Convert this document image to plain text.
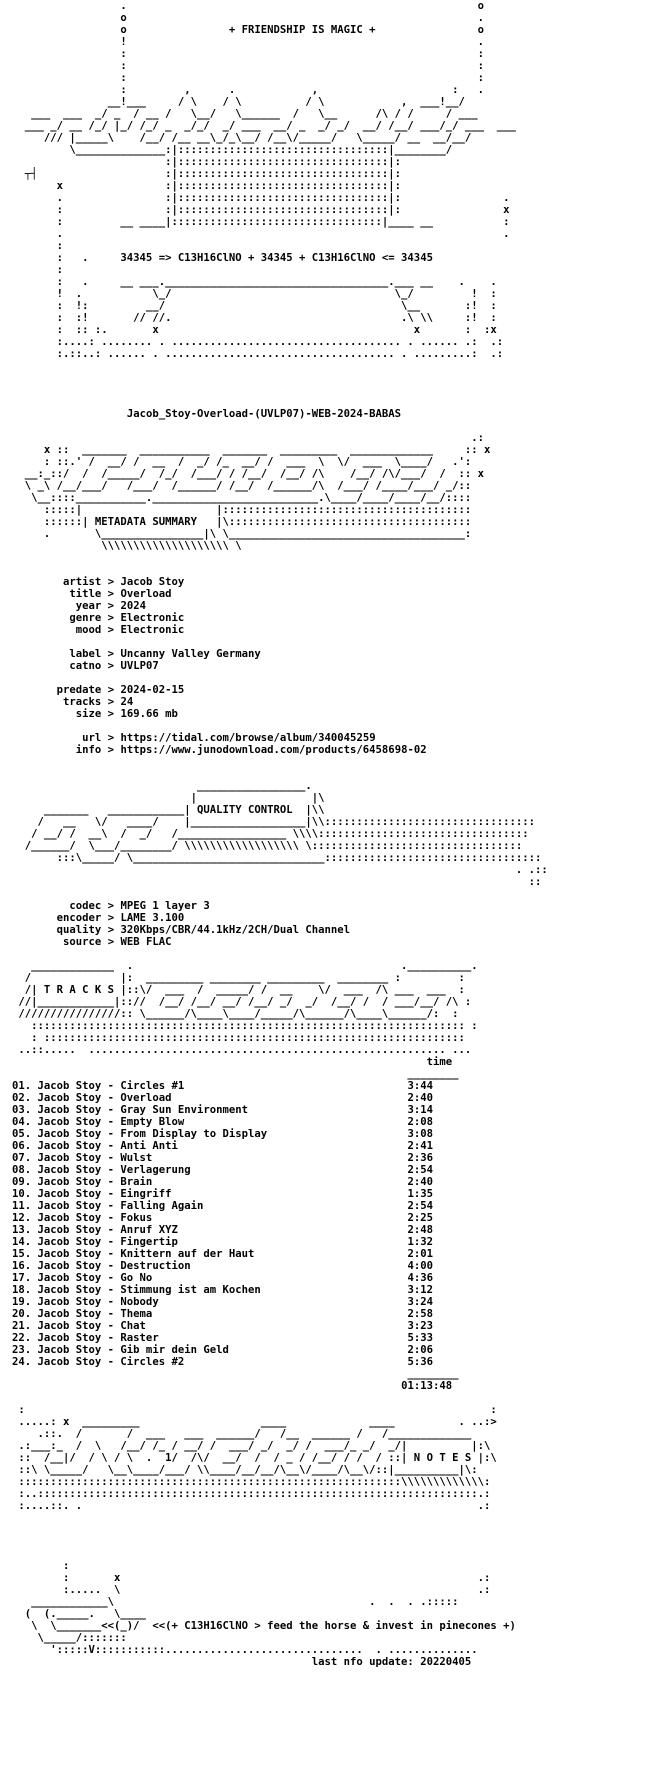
.                                                       o
o                                                       .
o                + FRIENDSHIP IS MAGIC +                o
!                                                       .
:                                                       :
:                                                       :
:                                                       :
:         ,      .            ,                     :   .
__!___     / \    / \          / \            ,  ___!__/
___  ___  _/ _  / __ /   \__/   \______  /   \__      /\ / /     / ___
___ _/ __ /_/ |_/ /_/ _  _/_/  _/ ___  __/ _  _/ _/  __/ /__/ ___/_/ ___  ___
/// |_____\    /__/ /__ __\_/_\__/ /__\/_____/   \_____/ __  __/__/
\______________:|:::::::::::::::::::::::::::::::::|________/
:|:::::::::::::::::::::::::::::::::|:
┬┤                    :|:::::::::::::::::::::::::::::::::|:
x                :|:::::::::::::::::::::::::::::::::|:
.                :|:::::::::::::::::::::::::::::::::|:                .
:                :|:::::::::::::::::::::::::::::::::|:                x
:         __ ____|:::::::::::::::::::::::::::::::::|____ __           :
.                                                                     .
:
:   .     34345 => C13H16ClNO + 34345 + C13H16ClNO <= 34345
:
:   .     __ ___.___________________________________.___ __    .    .
!  .           \_/                                   \_/         !  :
:  !:         __/                                     \__       :!  :
:  :!       // //.                                    .\ \\     :!  :
:  :: :.       x                                        x       :  :x
:....: ........ . .................................... . ...... .:  .:
:.::..: ...... . .................................... . .........:  .:
Jacob_Stoy-Overload-(UVLP07)-WEB-2024-BABAS

.:
x ::  _______  ___________  _______  _________  _____________     :: x
: ::.' /  __/ /  __  /  _/ /_  __/ /  ___  \  \/  ___  \____/   .':
__:_::/  /  /_____/  /_/  /___/ / /__/  /__/ /\    /__/ /\/___/  /  :: x
\ _\ /__/___/   /___/  /______/ /__/  /______/\  /___/ /____/___/ _/::
\__::::___________.__________________________.\____/____/____/__/::::
:::::|                     |:::::::::::::::::::::::::::::::::::::::
::::::| METADATA SUMMARY   |\::::::::::::::::::::::::::::::::::::::
.       \________________|\ \_____________________________________:
\\\\\\\\\\\\\\\\\\\\ \
artist > Jacob Stoy
title > Overload
year > 2024
genre > Electronic
mood > Electronic

label > Uncanny Valley Germany
catno > UVLP07

predate > 2024-02-15
tracks > 24
size > 169.66 mb

url > https://tidal.com/browse/album/340045259
info > https://www.junodownload.com/products/6458698-02

_________________.
|                  |\
_______   ____________| QUALITY CONTROL  |\\
/   __   \/   ____/    |__________________|\\:::::::::::::::::::::::::::::::::
/ __/ /  __\  /  _/   /_________________ \\\\:::::::::::::::::::::::::::::::::
/______/  \___/________/ \\\\\\\\\\\\\\\\\\ \:::::::::::::::::::::::::::::::::
:::\_____/ \______________________________::::::::::::::::::::::::::::::::::
. .::
::
codec > MPEG 1 layer 3
encoder > LAME 3.100
quality > 320Kbps/CBR/44.1kHz/2CH/Dual Channel
source > WEB FLAC

_____________  .                                          .__________.
/              |:  _________ ________ _________  ________ :         :
/| T R A C K S |::\/  ___  /  _____/ /  __    \/  ___  /\ ___  ___  :
//|____________|:://  /__/ /__/ __/ /__/ _/  _/  /__/ /  / ___/__/ /\ :
////////////////:: \______/\____\____/_____/\______/\____\______/:  :
:::::::::::::::::::::::::::::::::::::::::::::::::::::::::::::::::::: :
: ::::::::::::::::::::::::::::::::::::::::::::::::::::::::::::::::::
..::.....  ........................................................ ...
time
________

01. Jacob Stoy - Circles #1	3:44
02. Jacob Stoy - Overload	2:40
03. Jacob Stoy - Gray Sun Environment	3:14
04. Jacob Stoy - Empty Blow	2:08
05. Jacob Stoy - From Display to Display	3:08
06. Jacob Stoy - Anti Anti	2:41
07. Jacob Stoy - Wulst	2:36
08. Jacob Stoy - Verlagerung	2:54
09. Jacob Stoy - Brain	2:40
10. Jacob Stoy - Eingriff	1:35
11. Jacob Stoy - Falling Again	2:54
12. Jacob Stoy - Fokus	2:25
13. Jacob Stoy - Anruf XYZ	2:48
14. Jacob Stoy - Fingertip	1:32
15. Jacob Stoy - Knittern auf der Haut	2:01
16. Jacob Stoy - Destruction	4:00
17. Jacob Stoy - Go No	4:36
18. Jacob Stoy - Stimmung ist am Kochen	3:12
19. Jacob Stoy - Nobody	3:24
20. Jacob Stoy - Thema	2:58
21. Jacob Stoy - Chat	3:23
22. Jacob Stoy - Raster	5:33
23. Jacob Stoy - Gib mir dein Geld	2:06
24. Jacob Stoy - Circles #2	5:36
________
01:13:48

:                                                                         :
.....: x  _________                   ____             ____          . ..:>
.::.  /       /  ___   ___  ______/   /__  ______ /   /_____________
.:___:_  /  \   /__/ /_ / __/ /  ___/ _/  _/ /  ___/_ _/  _/|          |:\
::  /__|/  / \ / \  .  1/  /\/  __/  /  / _ / /__/ / /  / ::| N O T E S |:\
::\ \_____/   \__\____/___/ \\____/__/__/\__\/____/\__\/::|__________|\:
::::::::::::::::::::::::::::::::::::::::::::::::::::::::::::\\\\\\\\\\\\\:
:..:::::::::::::::::::::::::::::::::::::::::::::::::::::::::::::::::::::.:
:....::. .                                                              .:
:
:       x                                                        .:
:.....  \                                                        .:
____________\                                        .  .  . .:::::
(  (._____.   \____
\  \_______<<(_)/  <<(+ C13H16ClNO > feed the horse & invest in pinecones +)
\_____/:::::::
':::::V:::::::::::...............................  . ..............
last nfo update: 20220405
